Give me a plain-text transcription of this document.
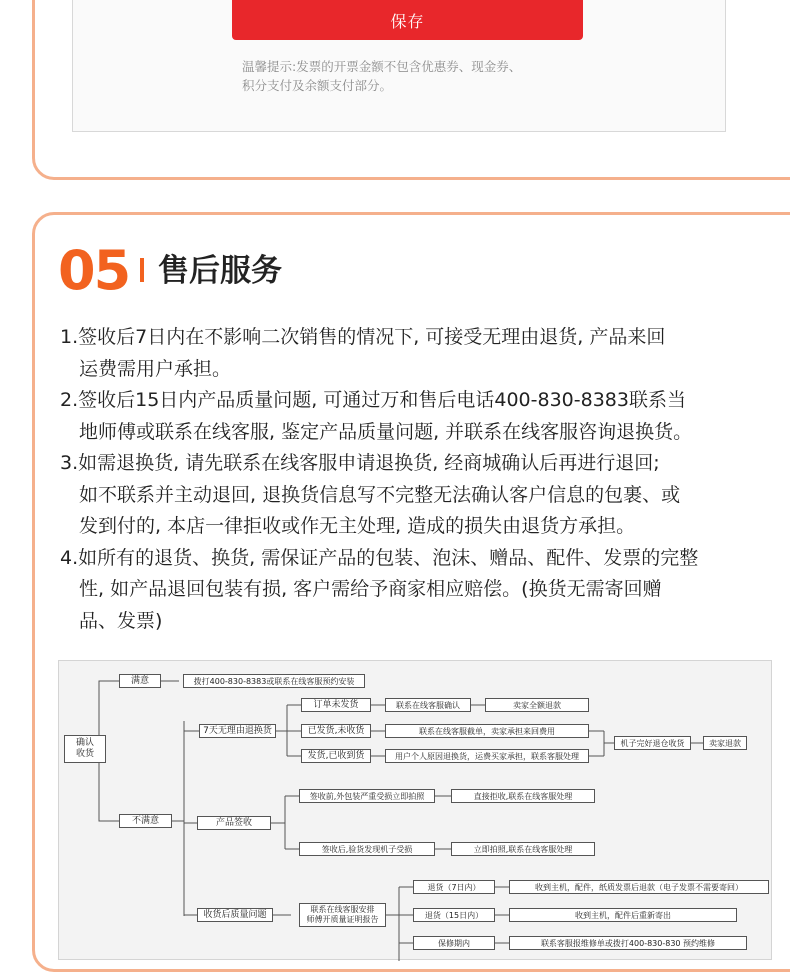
保存
温馨提示:发票的开票金额不包含优惠券、现金券、
积分支付及余额支付部分。
05 售后服务
1.签收后7日内在不影响二次销售的情况下, 可接受无理由退货, 产品来回
运费需用户承担。
2.签收后15日内产品质量问题, 可通过万和售后电话400-830-8383联系当
地师傅或联系在线客服, 鉴定产品质量问题, 并联系在线客服咨询退换货。
3.如需退换货, 请先联系在线客服申请退换货, 经商城确认后再进行退回;
如不联系并主动退回, 退换货信息写不完整无法确认客户信息的包裹、或
发到付的, 本店一律拒收或作无主处理, 造成的损失由退货方承担。
4.如所有的退货、换货, 需保证产品的包装、泡沫、赠品、配件、发票的完整
性, 如产品退回包装有损, 客户需给予商家相应赔偿。(换货无需寄回赠
品、发票)
确认
收货
满意	拨打400-830-8383或联系在线客服预约安装
不满意
7天无理由退换货
订单未发货
已发货,未收货
发货,已收到货
联系在线客服确认	卖家全额退款
联系在线客服截单，卖家承担来回费用
用户个人原因退换货，运费买家承担，联系客服处理
机子完好退仓收货	卖家退款
产品签收
签收前,外包装严重受损立即拍照	直接拒收,联系在线客服处理
签收后,验货发现机子受损	立即拍照,联系在线客服处理
收货后质量问题	联系在线客服安排
师傅开质量证明报告
退货（7日内）	收到主机，配件，纸质发票后退款（电子发票不需要寄回）
退货（15日内）	收到主机，配件后重新寄出
保修期内	联系客服报维修单或拨打400-830-830 预约维修
